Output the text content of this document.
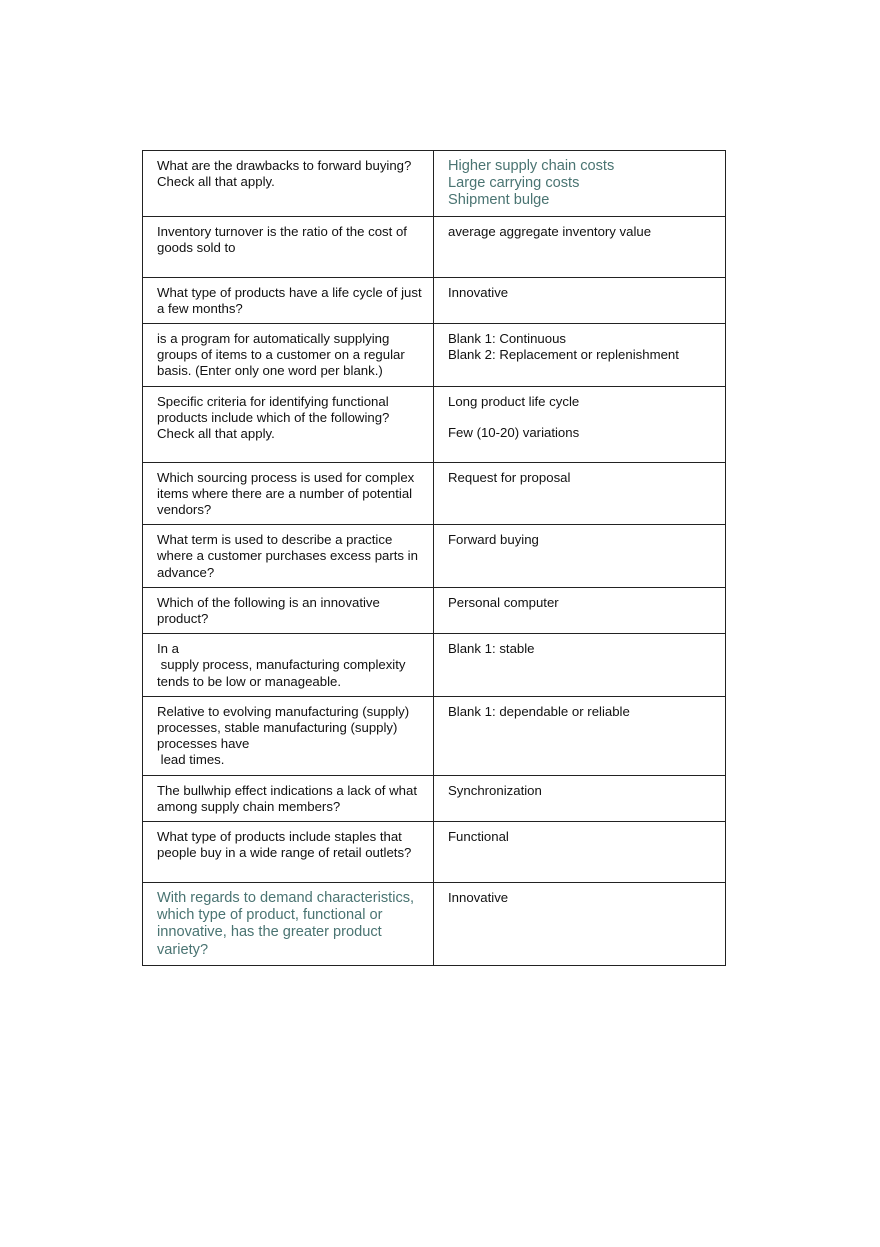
What are the drawbacks to forward buying?
Check all that apply.	Higher supply chain costs
Large carrying costs
Shipment bulge

Inventory turnover is the ratio of the cost of
goods sold to	average aggregate inventory value

What type of products have a life cycle of just
a few months?	Innovative

is a program for automatically supplying
groups of items to a customer on a regular
basis. (Enter only one word per blank.)	Blank 1: Continuous
Blank 2: Replacement or replenishment

Specific criteria for identifying functional
products include which of the following?
Check all that apply.	Long product life cycle
Few (10-20) variations

Which sourcing process is used for complex
items where there are a number of potential
vendors?	Request for proposal

What term is used to describe a practice
where a customer purchases excess parts in
advance?	Forward buying

Which of the following is an innovative
product?	Personal computer

In a
supply process, manufacturing complexity
tends to be low or manageable.	Blank 1: stable

Relative to evolving manufacturing (supply)
processes, stable manufacturing (supply)
processes have
lead times.	Blank 1: dependable or reliable

The bullwhip effect indications a lack of what
among supply chain members?	Synchronization

What type of products include staples that
people buy in a wide range of retail outlets?	Functional

With regards to demand characteristics,
which type of product, functional or
innovative, has the greater product
variety?	Innovative
